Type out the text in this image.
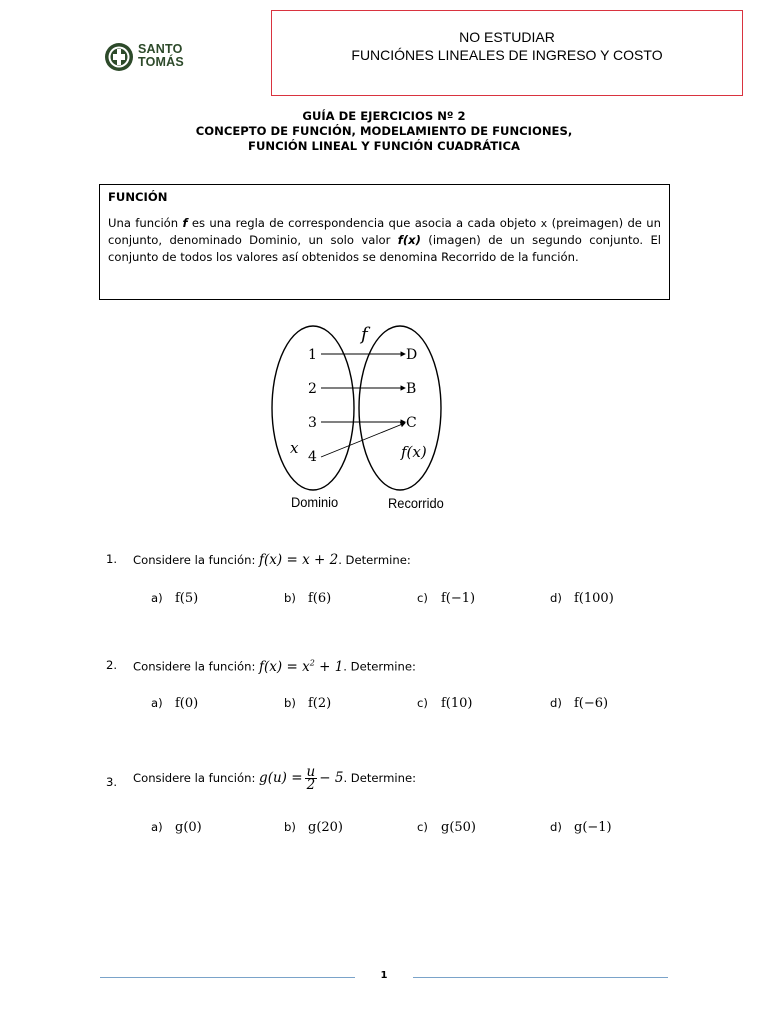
NO ESTUDIAR
FUNCIÓNES LINEALES DE INGRESO Y COSTO
SANTO
TOMÁS
GUÍA DE EJERCICIOS Nº 2
CONCEPTO DE FUNCIÓN, MODELAMIENTO DE FUNCIONES,
FUNCIÓN LINEAL Y FUNCIÓN CUADRÁTICA
FUNCIÓN
Una función f es una regla de correspondencia que asocia a cada objeto x (preimagen) de un conjunto, denominado Dominio, un solo valor f(x) (imagen) de un segundo conjunto. El conjunto de todos los valores así obtenidos se denomina Recorrido de la función.
f
1
2
3
4
D
B
C
x	f(x)
Dominio	Recorrido
1. Considere la función: f(x) = x + 2. Determine:
a) f(5)	b) f(6)	c) f(−1)	d) f(100)
2. Considere la función: $f(x) = x^2 + 1$. Determine:
a) f(0)	b) f(2)	c) f(10)	d) f(−6)
3. Considere la función: $g(u) = \frac{u}{2} - 5$. Determine:
a) g(0)	b) g(20)	c) g(50)	d) g(−1)
1
